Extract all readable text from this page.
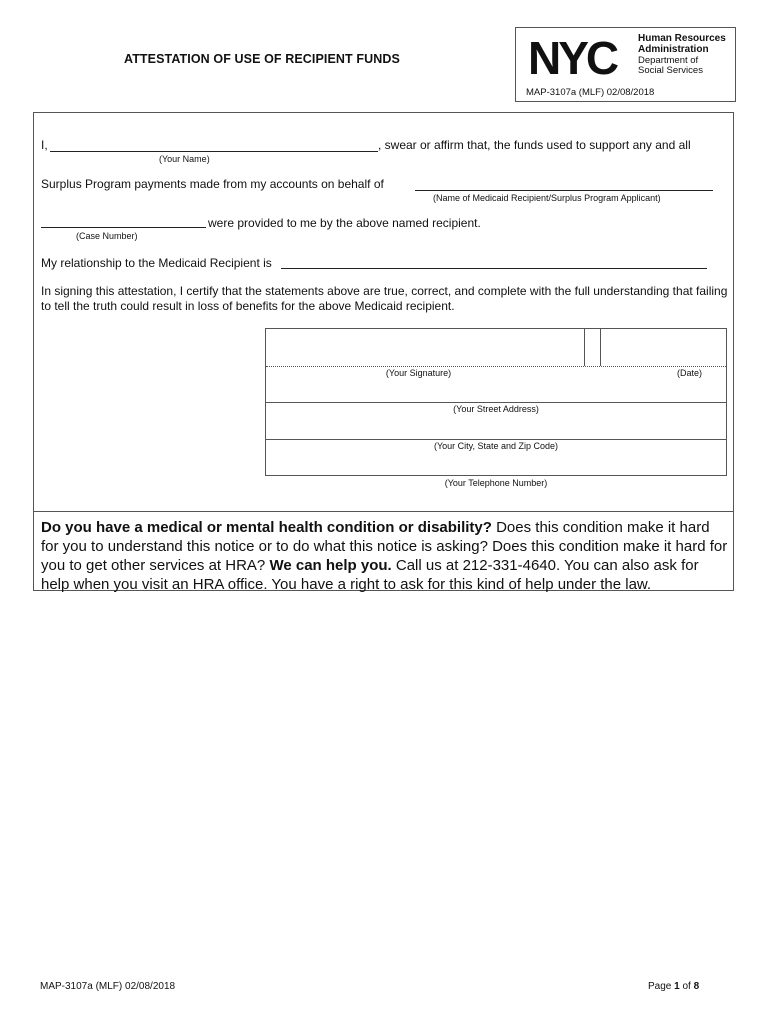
ATTESTATION OF USE OF RECIPIENT FUNDS	NYC Human Resources
Administration
Department of
Social Services
MAP-3107a (MLF) 02/08/2018
I,	, swear or affirm that, the funds used to support any and all
(Your Name)
Surplus Program payments made from my accounts on behalf of
(Name of Medicaid Recipient/Surplus Program Applicant)
were provided to me by the above named recipient.
(Case Number)
My relationship to the Medicaid Recipient is
In signing this attestation, I certify that the statements above are true, correct, and complete with the full understanding that failing to tell the truth could result in loss of benefits for the above Medicaid recipient.
(Your Signature)	(Date)
(Your Street Address)
(Your City, State and Zip Code)
(Your Telephone Number)
Do you have a medical or mental health condition or disability? Does this condition make it hard for you to understand this notice or to do what this notice is asking? Does this condition make it hard for you to get other services at HRA? We can help you. Call us at 212-331-4640. You can also ask for help when you visit an HRA office. You have a right to ask for this kind of help under the law.
MAP-3107a (MLF) 02/08/2018	Page 1 of 8
